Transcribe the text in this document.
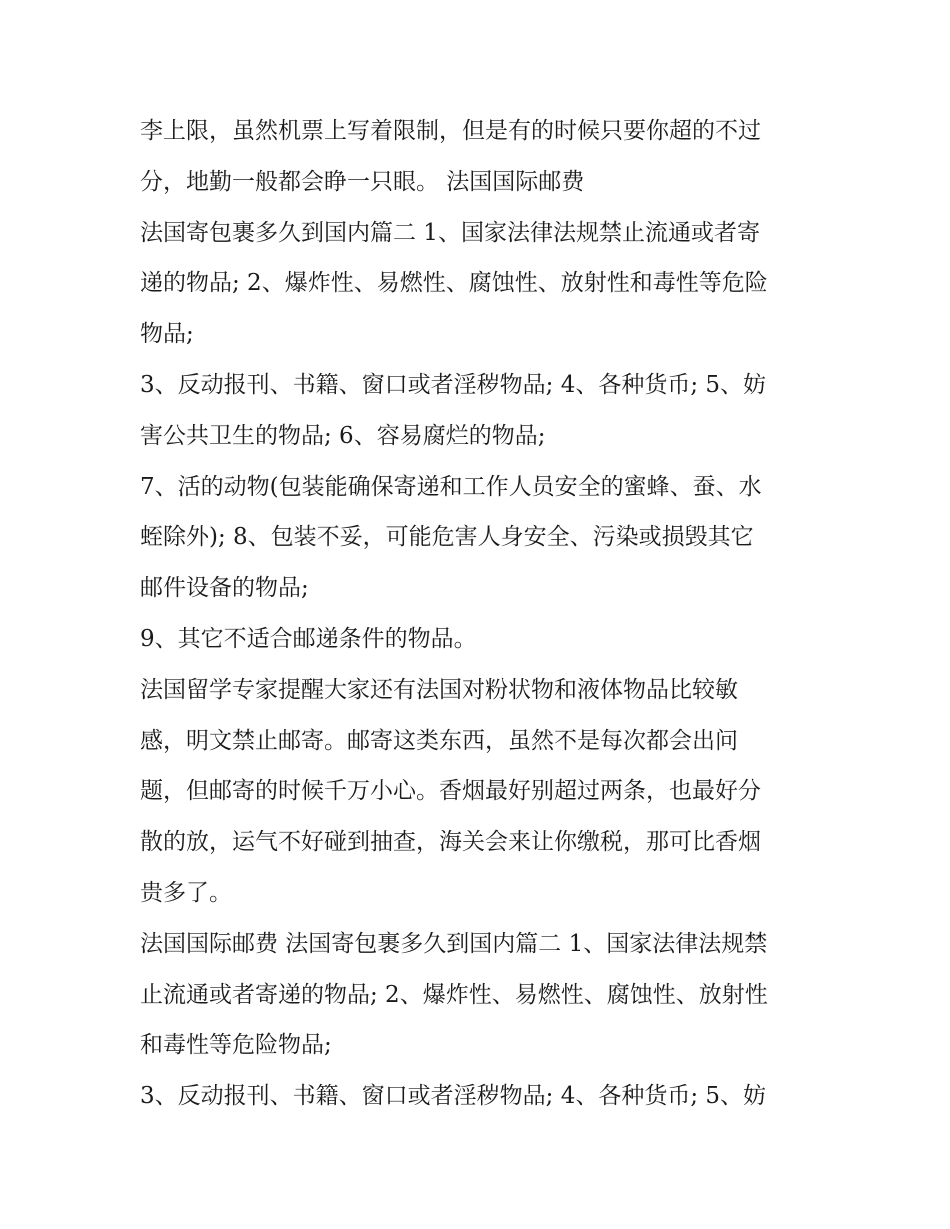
李上限，虽然机票上写着限制，但是有的时候只要你超的不过
分，地勤一般都会睁一只眼。 法国国际邮费
法国寄包裹多久到国内篇二 1、国家法律法规禁止流通或者寄
递的物品; 2、爆炸性、易燃性、腐蚀性、放射性和毒性等危险
物品;
3、反动报刊、书籍、窗口或者淫秽物品; 4、各种货币; 5、妨
害公共卫生的物品; 6、容易腐烂的物品;
7、活的动物(包装能确保寄递和工作人员安全的蜜蜂、蚕、水
蛭除外); 8、包装不妥，可能危害人身安全、污染或损毁其它
邮件设备的物品;
9、其它不适合邮递条件的物品。
法国留学专家提醒大家还有法国对粉状物和液体物品比较敏
感，明文禁止邮寄。邮寄这类东西，虽然不是每次都会出问
题，但邮寄的时候千万小心。香烟最好别超过两条，也最好分
散的放，运气不好碰到抽查，海关会来让你缴税，那可比香烟
贵多了。
法国国际邮费 法国寄包裹多久到国内篇二 1、国家法律法规禁
止流通或者寄递的物品; 2、爆炸性、易燃性、腐蚀性、放射性
和毒性等危险物品;
3、反动报刊、书籍、窗口或者淫秽物品; 4、各种货币; 5、妨
